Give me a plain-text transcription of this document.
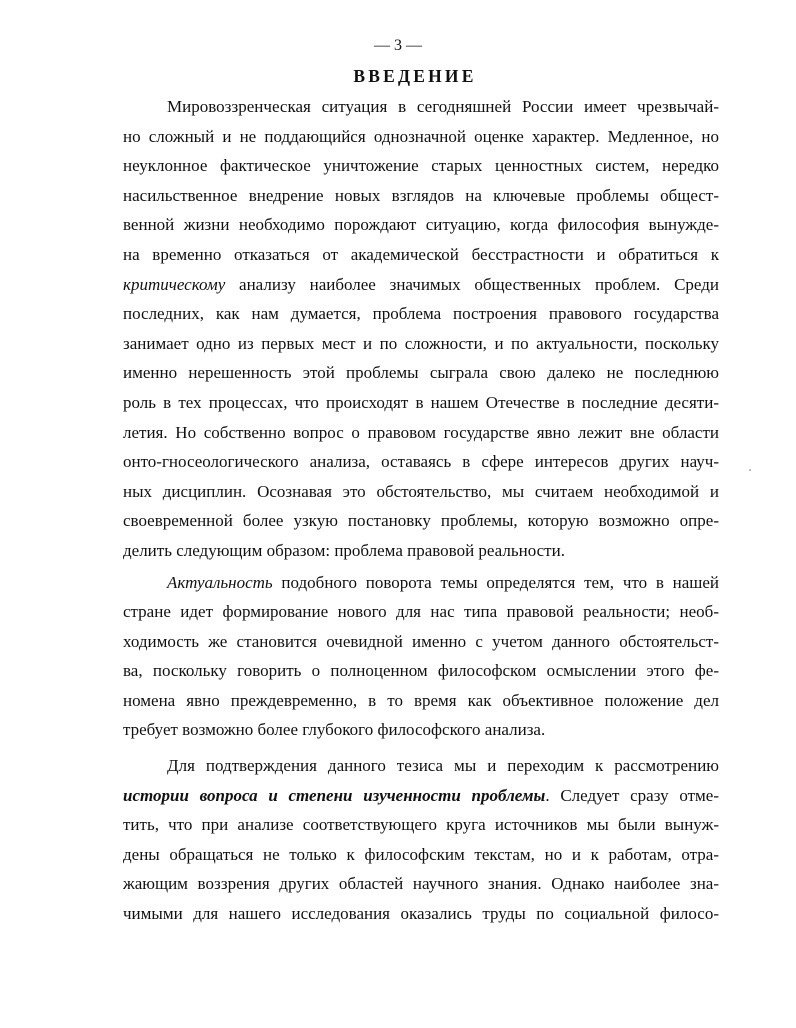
— 3 —
ВВЕДЕНИЕ
Мировоззренческая ситуация в сегодняшней России имеет чрезвычай-
но сложный и не поддающийся однозначной оценке характер. Медленное, но
неуклонное фактическое уничтожение старых ценностных систем, нередко
насильственное внедрение новых взглядов на ключевые проблемы общест-
венной жизни необходимо порождают ситуацию, когда философия вынужде-
на временно отказаться от академической бесстрастности и обратиться к
критическому анализу наиболее значимых общественных проблем. Среди
последних, как нам думается, проблема построения правового государства
занимает одно из первых мест и по сложности, и по актуальности, поскольку
именно нерешенность этой проблемы сыграла свою далеко не последнюю
роль в тех процессах, что происходят в нашем Отечестве в последние десяти-
летия. Но собственно вопрос о правовом государстве явно лежит вне области
онто-гносеологического анализа, оставаясь в сфере интересов других науч-
ных дисциплин. Осознавая это обстоятельство, мы считаем необходимой и
своевременной более узкую постановку проблемы, которую возможно опре-
делить следующим образом: проблема правовой реальности.
Актуальность подобного поворота темы определятся тем, что в нашей
стране идет формирование нового для нас типа правовой реальности; необ-
ходимость же становится очевидной именно с учетом данного обстоятельст-
ва, поскольку говорить о полноценном философском осмыслении этого фе-
номена явно преждевременно, в то время как объективное положение дел
требует возможно более глубокого философского анализа.
Для подтверждения данного тезиса мы и переходим к рассмотрению
истории вопроса и степени изученности проблемы. Следует сразу отме-
тить, что при анализе соответствующего круга источников мы были вынуж-
дены обращаться не только к философским текстам, но и к работам, отра-
жающим воззрения других областей научного знания. Однако наиболее зна-
чимыми для нашего исследования оказались труды по социальной филосо-
